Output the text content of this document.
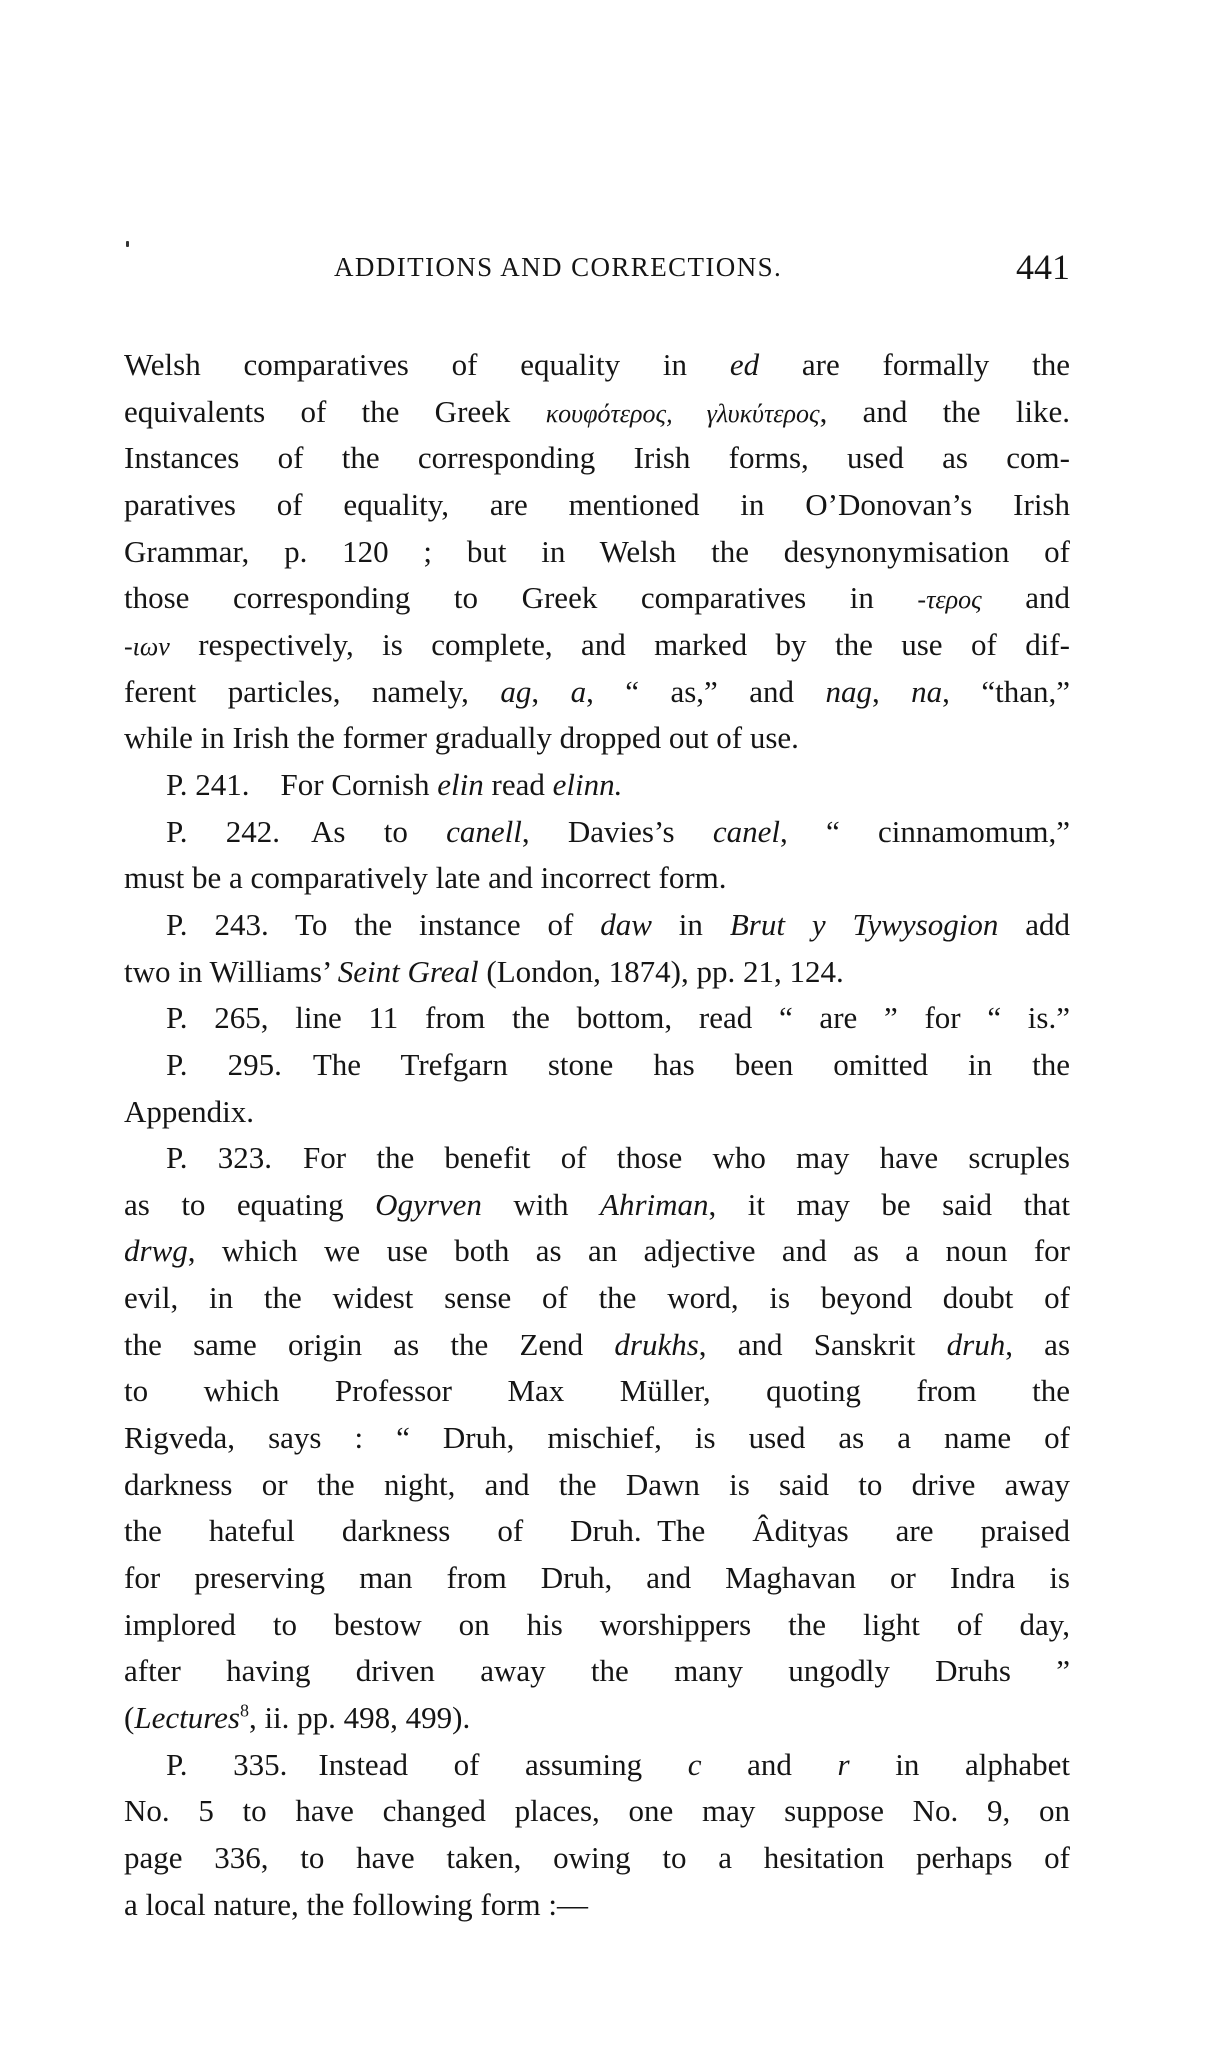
ADDITIONS AND CORRECTIONS.	441
Welsh comparatives of equality in ed are formally the
equivalents of the Greek κουφότερος, γλυκύτερος, and the like.
Instances of the corresponding Irish forms, used as com-
paratives of equality, are mentioned in O’Donovan’s Irish
Grammar, p. 120 ; but in Welsh the desynonymisation of
those corresponding to Greek comparatives in -τερος and
-ιων respectively, is complete, and marked by the use of dif-
ferent particles, namely, ag, a, “ as,” and nag, na, “than,”
while in Irish the former gradually dropped out of use.
P. 241. For Cornish elin read elinn.
P. 242. As to canell, Davies’s canel, “ cinnamomum,”
must be a comparatively late and incorrect form.
P. 243. To the instance of daw in Brut y Tywysogion add
two in Williams’ Seint Greal (London, 1874), pp. 21, 124.
P. 265, line 11 from the bottom, read “ are ” for “ is.”
P. 295. The Trefgarn stone has been omitted in the
Appendix.
P. 323. For the benefit of those who may have scruples
as to equating Ogyrven with Ahriman, it may be said that
drwg, which we use both as an adjective and as a noun for
evil, in the widest sense of the word, is beyond doubt of
the same origin as the Zend drukhs, and Sanskrit druh, as
to which Professor Max Müller, quoting from the
Rigveda, says : “ Druh, mischief, is used as a name of
darkness or the night, and the Dawn is said to drive away
the hateful darkness of Druh. The Âdityas are praised
for preserving man from Druh, and Maghavan or Indra is
implored to bestow on his worshippers the light of day,
after having driven away the many ungodly Druhs ”
(Lectures$^8$, ii. pp. 498, 499).
P. 335. Instead of assuming c and r in alphabet
No. 5 to have changed places, one may suppose No. 9, on
page 336, to have taken, owing to a hesitation perhaps of
a local nature, the following form :—
